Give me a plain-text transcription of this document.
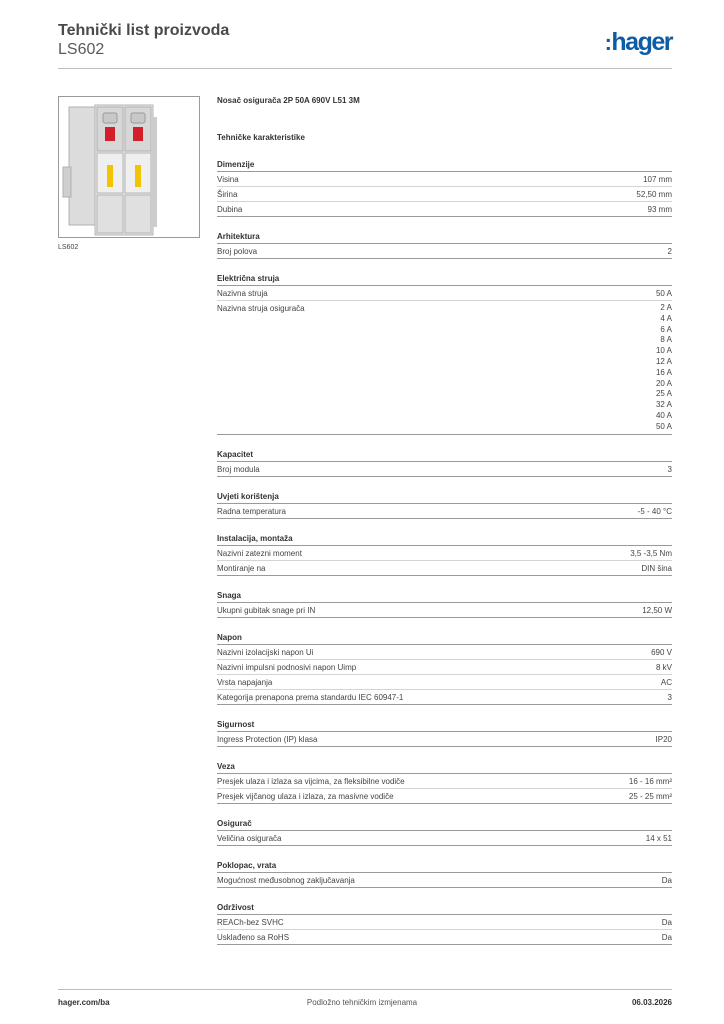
Tehnički list proizvoda
LS602	:hager
LS602
Nosač osigurača 2P 50A 690V L51 3M
Tehničke karakteristike
Dimenzije
Visina	107 mm
Širina	52,50 mm
Dubina	93 mm
Arhitektura
Broj polova	2
Električna struja
Nazivna struja	50 A
Nazivna struja osigurača	2 A
4 A
6 A
8 A
10 A
12 A
16 A
20 A
25 A
32 A
40 A
50 A
Kapacitet
Broj modula	3
Uvjeti korištenja
Radna temperatura	-5 - 40 °C
Instalacija, montaža
Nazivni zatezni moment	3,5 -3,5 Nm
Montiranje na	DIN šina
Snaga
Ukupni gubitak snage pri IN	12,50 W
Napon
Nazivni izolacijski napon Ui	690 V
Nazivni impulsni podnosivi napon Uimp	8 kV
Vrsta napajanja	AC
Kategorija prenapona prema standardu IEC 60947-1	3
Sigurnost
Ingress Protection (IP) klasa	IP20
Veza
Presjek ulaza i izlaza sa vijcima, za fleksibilne vodiče	16 - 16 mm²
Presjek vijčanog ulaza i izlaza, za masivne vodiče	25 - 25 mm²
Osigurač
Veličina osigurača	14 x 51
Poklopac, vrata
Mogućnost međusobnog zaključavanja	Da
Održivost
REACh-bez SVHC	Da
Usklađeno sa RoHS	Da
hager.com/ba	Podložno tehničkim izmjenama	06.03.2026
